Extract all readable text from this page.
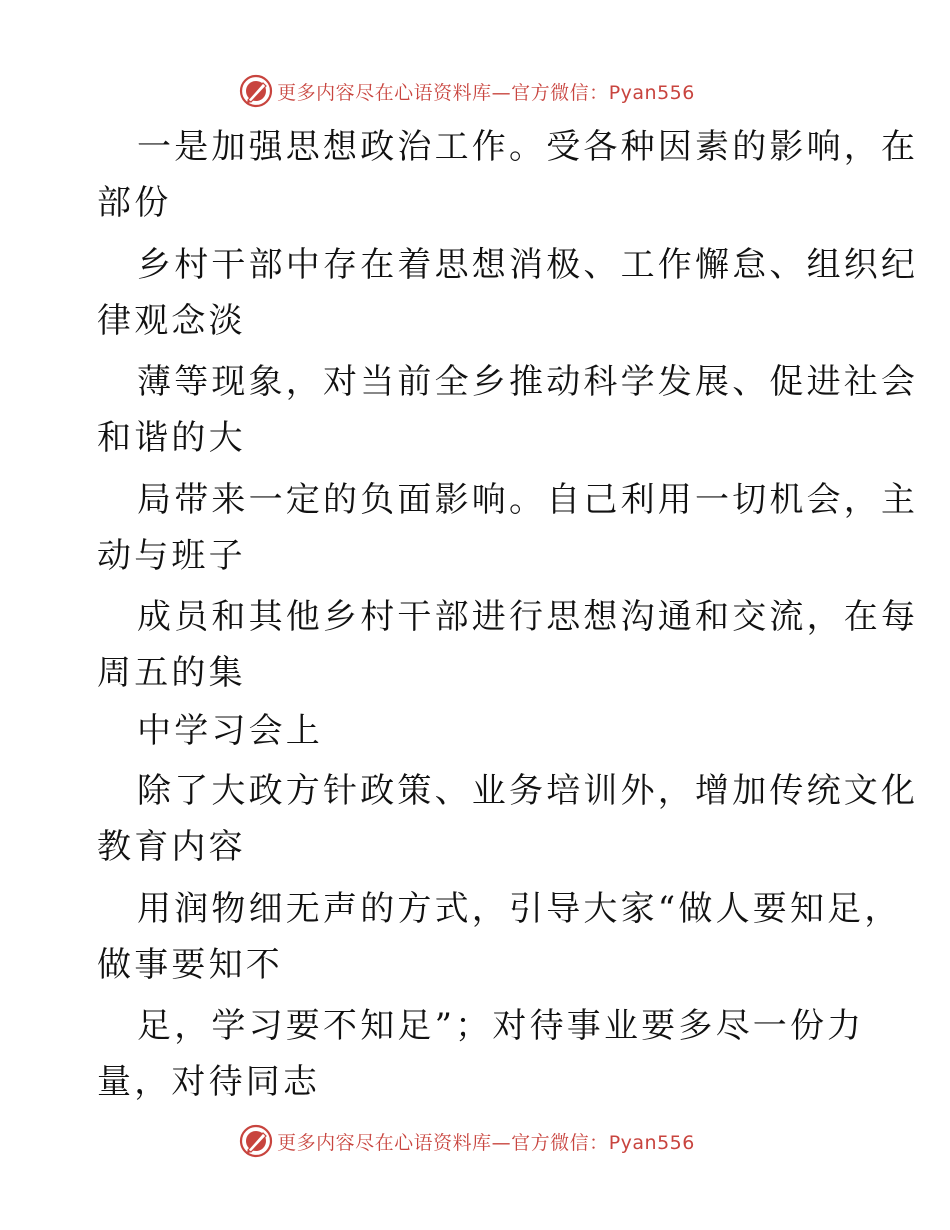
更多内容尽在心语资料库—官方微信：Pyan556
一是加强思想政治工作。受各种因素的影响，在
部份
乡村干部中存在着思想消极、工作懈怠、组织纪
律观念淡
薄等现象，对当前全乡推动科学发展、促进社会
和谐的大
局带来一定的负面影响。自己利用一切机会，主
动与班子
成员和其他乡村干部进行思想沟通和交流，在每
周五的集
中学习会上
除了大政方针政策、业务培训外，增加传统文化
教育内容
用润物细无声的方式，引导大家“做人要知足，
做事要知不
足，学习要不知足”；对待事业要多尽一份力
量，对待同志
更多内容尽在心语资料库—官方微信：Pyan556
